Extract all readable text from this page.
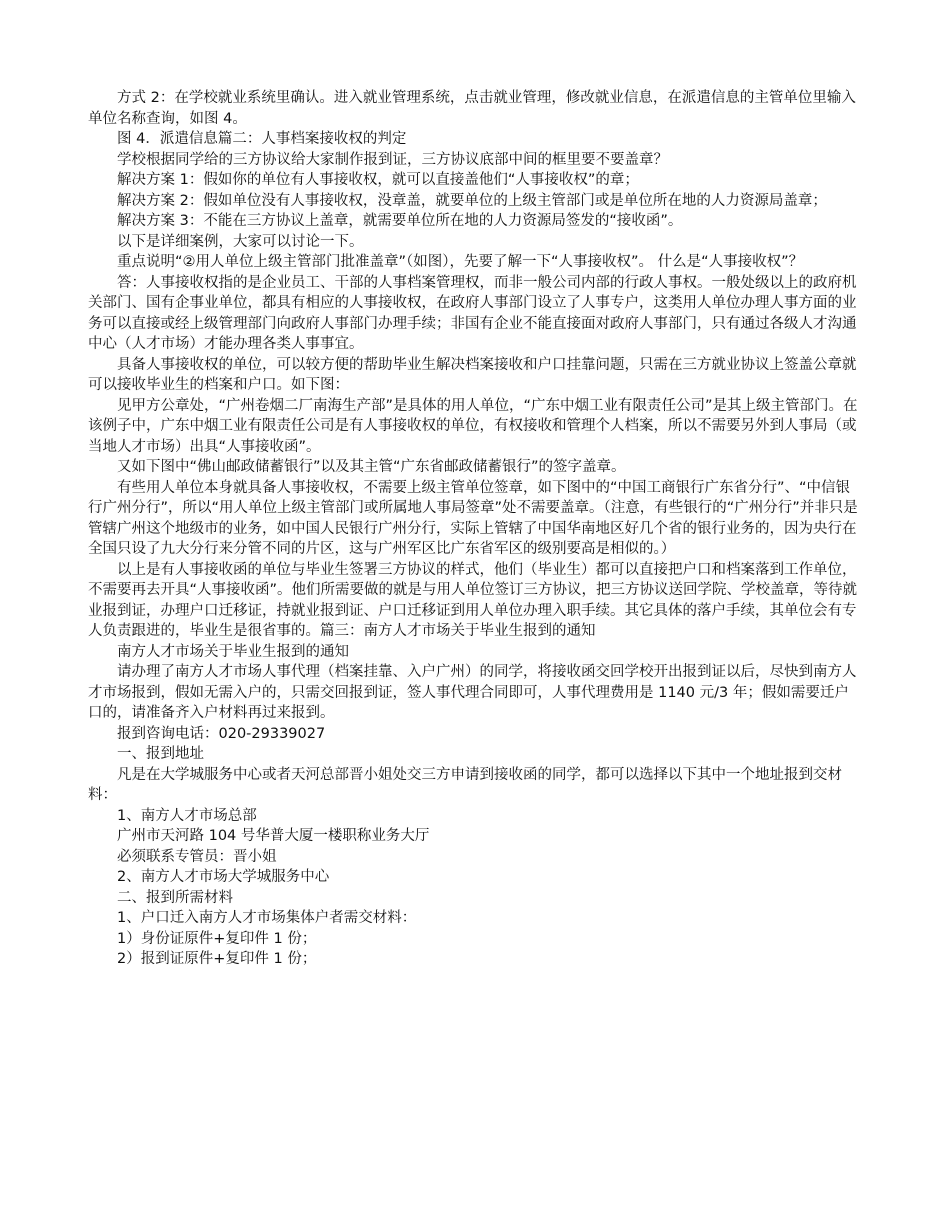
方式 2：在学校就业系统里确认。进入就业管理系统，点击就业管理，修改就业信息，在派遣信息的主管单位里输入单位名称查询，如图 4。

图 4．派遣信息篇二：人事档案接收权的判定

学校根据同学给的三方协议给大家制作报到证，三方协议底部中间的框里要不要盖章？

解决方案 1：假如你的单位有人事接收权，就可以直接盖他们“人事接收权”的章；

解决方案 2：假如单位没有人事接收权，没章盖，就要单位的上级主管部门或是单位所在地的人力资源局盖章；

解决方案 3：不能在三方协议上盖章，就需要单位所在地的人力资源局签发的“接收函”。

以下是详细案例，大家可以讨论一下。

重点说明“②用人单位上级主管部门批准盖章”（如图），先要了解一下“人事接收权”。 什么是“人事接收权”？

答：人事接收权指的是企业员工、干部的人事档案管理权，而非一般公司内部的行政人事权。一般处级以上的政府机关部门、国有企事业单位，都具有相应的人事接收权，在政府人事部门设立了人事专户，这类用人单位办理人事方面的业务可以直接或经上级管理部门向政府人事部门办理手续；非国有企业不能直接面对政府人事部门，只有通过各级人才沟通中心（人才市场）才能办理各类人事事宜。

具备人事接收权的单位，可以较方便的帮助毕业生解决档案接收和户口挂靠问题，只需在三方就业协议上签盖公章就可以接收毕业生的档案和户口。如下图：

见甲方公章处，“广州卷烟二厂南海生产部”是具体的用人单位，“广东中烟工业有限责任公司”是其上级主管部门。在该例子中，广东中烟工业有限责任公司是有人事接收权的单位，有权接收和管理个人档案，所以不需要另外到人事局（或当地人才市场）出具“人事接收函”。

又如下图中“佛山邮政储蓄银行”以及其主管“广东省邮政储蓄银行”的签字盖章。

有些用人单位本身就具备人事接收权，不需要上级主管单位签章，如下图中的“中国工商银行广东省分行”、“中信银行广州分行”，所以“用人单位上级主管部门或所属地人事局签章”处不需要盖章。（注意，有些银行的“广州分行”并非只是管辖广州这个地级市的业务，如中国人民银行广州分行，实际上管辖了中国华南地区好几个省的银行业务的，因为央行在全国只设了九大分行来分管不同的片区，这与广州军区比广东省军区的级别要高是相似的。）

以上是有人事接收函的单位与毕业生签署三方协议的样式，他们（毕业生）都可以直接把户口和档案落到工作单位，不需要再去开具“人事接收函”。他们所需要做的就是与用人单位签订三方协议，把三方协议送回学院、学校盖章，等待就业报到证，办理户口迁移证，持就业报到证、户口迁移证到用人单位办理入职手续。其它具体的落户手续，其单位会有专人负责跟进的，毕业生是很省事的。篇三：南方人才市场关于毕业生报到的通知

南方人才市场关于毕业生报到的通知

请办理了南方人才市场人事代理（档案挂靠、入户广州）的同学，将接收函交回学校开出报到证以后，尽快到南方人才市场报到，假如无需入户的，只需交回报到证，签人事代理合同即可，人事代理费用是 1140 元/3 年；假如需要迁户口的，请准备齐入户材料再过来报到。

报到咨询电话：020-29339027

一、报到地址

凡是在大学城服务中心或者天河总部晋小姐处交三方申请到接收函的同学，都可以选择以下其中一个地址报到交材料：

1、南方人才市场总部

广州市天河路 104 号华普大厦一楼职称业务大厅

必须联系专管员：晋小姐

2、南方人才市场大学城服务中心

二、报到所需材料

1、户口迁入南方人才市场集体户者需交材料：

1）身份证原件+复印件 1 份；

2）报到证原件+复印件 1 份；
